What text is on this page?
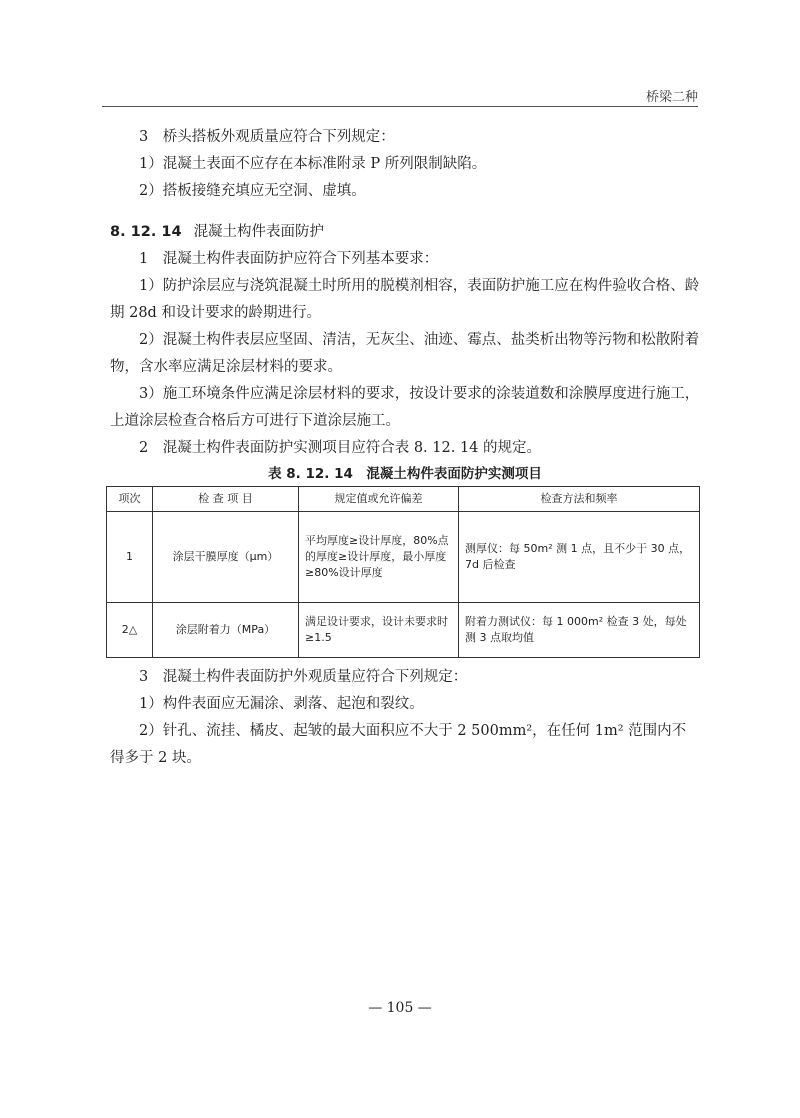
桥梁二种

3　桥头搭板外观质量应符合下列规定：

1）混凝土表面不应存在本标准附录 P 所列限制缺陷。

2）搭板接缝充填应无空洞、虚填。

8. 12. 14 混凝土构件表面防护

1　混凝土构件表面防护应符合下列基本要求：

1）防护涂层应与浇筑混凝土时所用的脱模剂相容，表面防护施工应在构件验收合格、龄期 28d 和设计要求的龄期进行。

2）混凝土构件表层应坚固、清洁，无灰尘、油迹、霉点、盐类析出物等污物和松散附着物，含水率应满足涂层材料的要求。

3）施工环境条件应满足涂层材料的要求，按设计要求的涂装道数和涂膜厚度进行施工，上道涂层检查合格后方可进行下道涂层施工。

2　混凝土构件表面防护实测项目应符合表 8. 12. 14 的规定。

表 8. 12. 14　混凝土构件表面防护实测项目
项次	检 查 项 目	规定值或允许偏差	检查方法和频率
1	涂层干膜厚度（μm）	平均厚度≥设计厚度，80%点的厚度≥设计厚度，最小厚度≥80%设计厚度	测厚仪：每 50m² 测 1 点，且不少于 30 点，7d 后检查
2△	涂层附着力（MPa）	满足设计要求，设计未要求时≥1.5	附着力测试仪：每 1 000m² 检查 3 处，每处测 3 点取均值

3　混凝土构件表面防护外观质量应符合下列规定：

1）构件表面应无漏涂、剥落、起泡和裂纹。

2）针孔、流挂、橘皮、起皱的最大面积应不大于 2 500mm²，在任何 1m² 范围内不得多于 2 块。

— 105 —
